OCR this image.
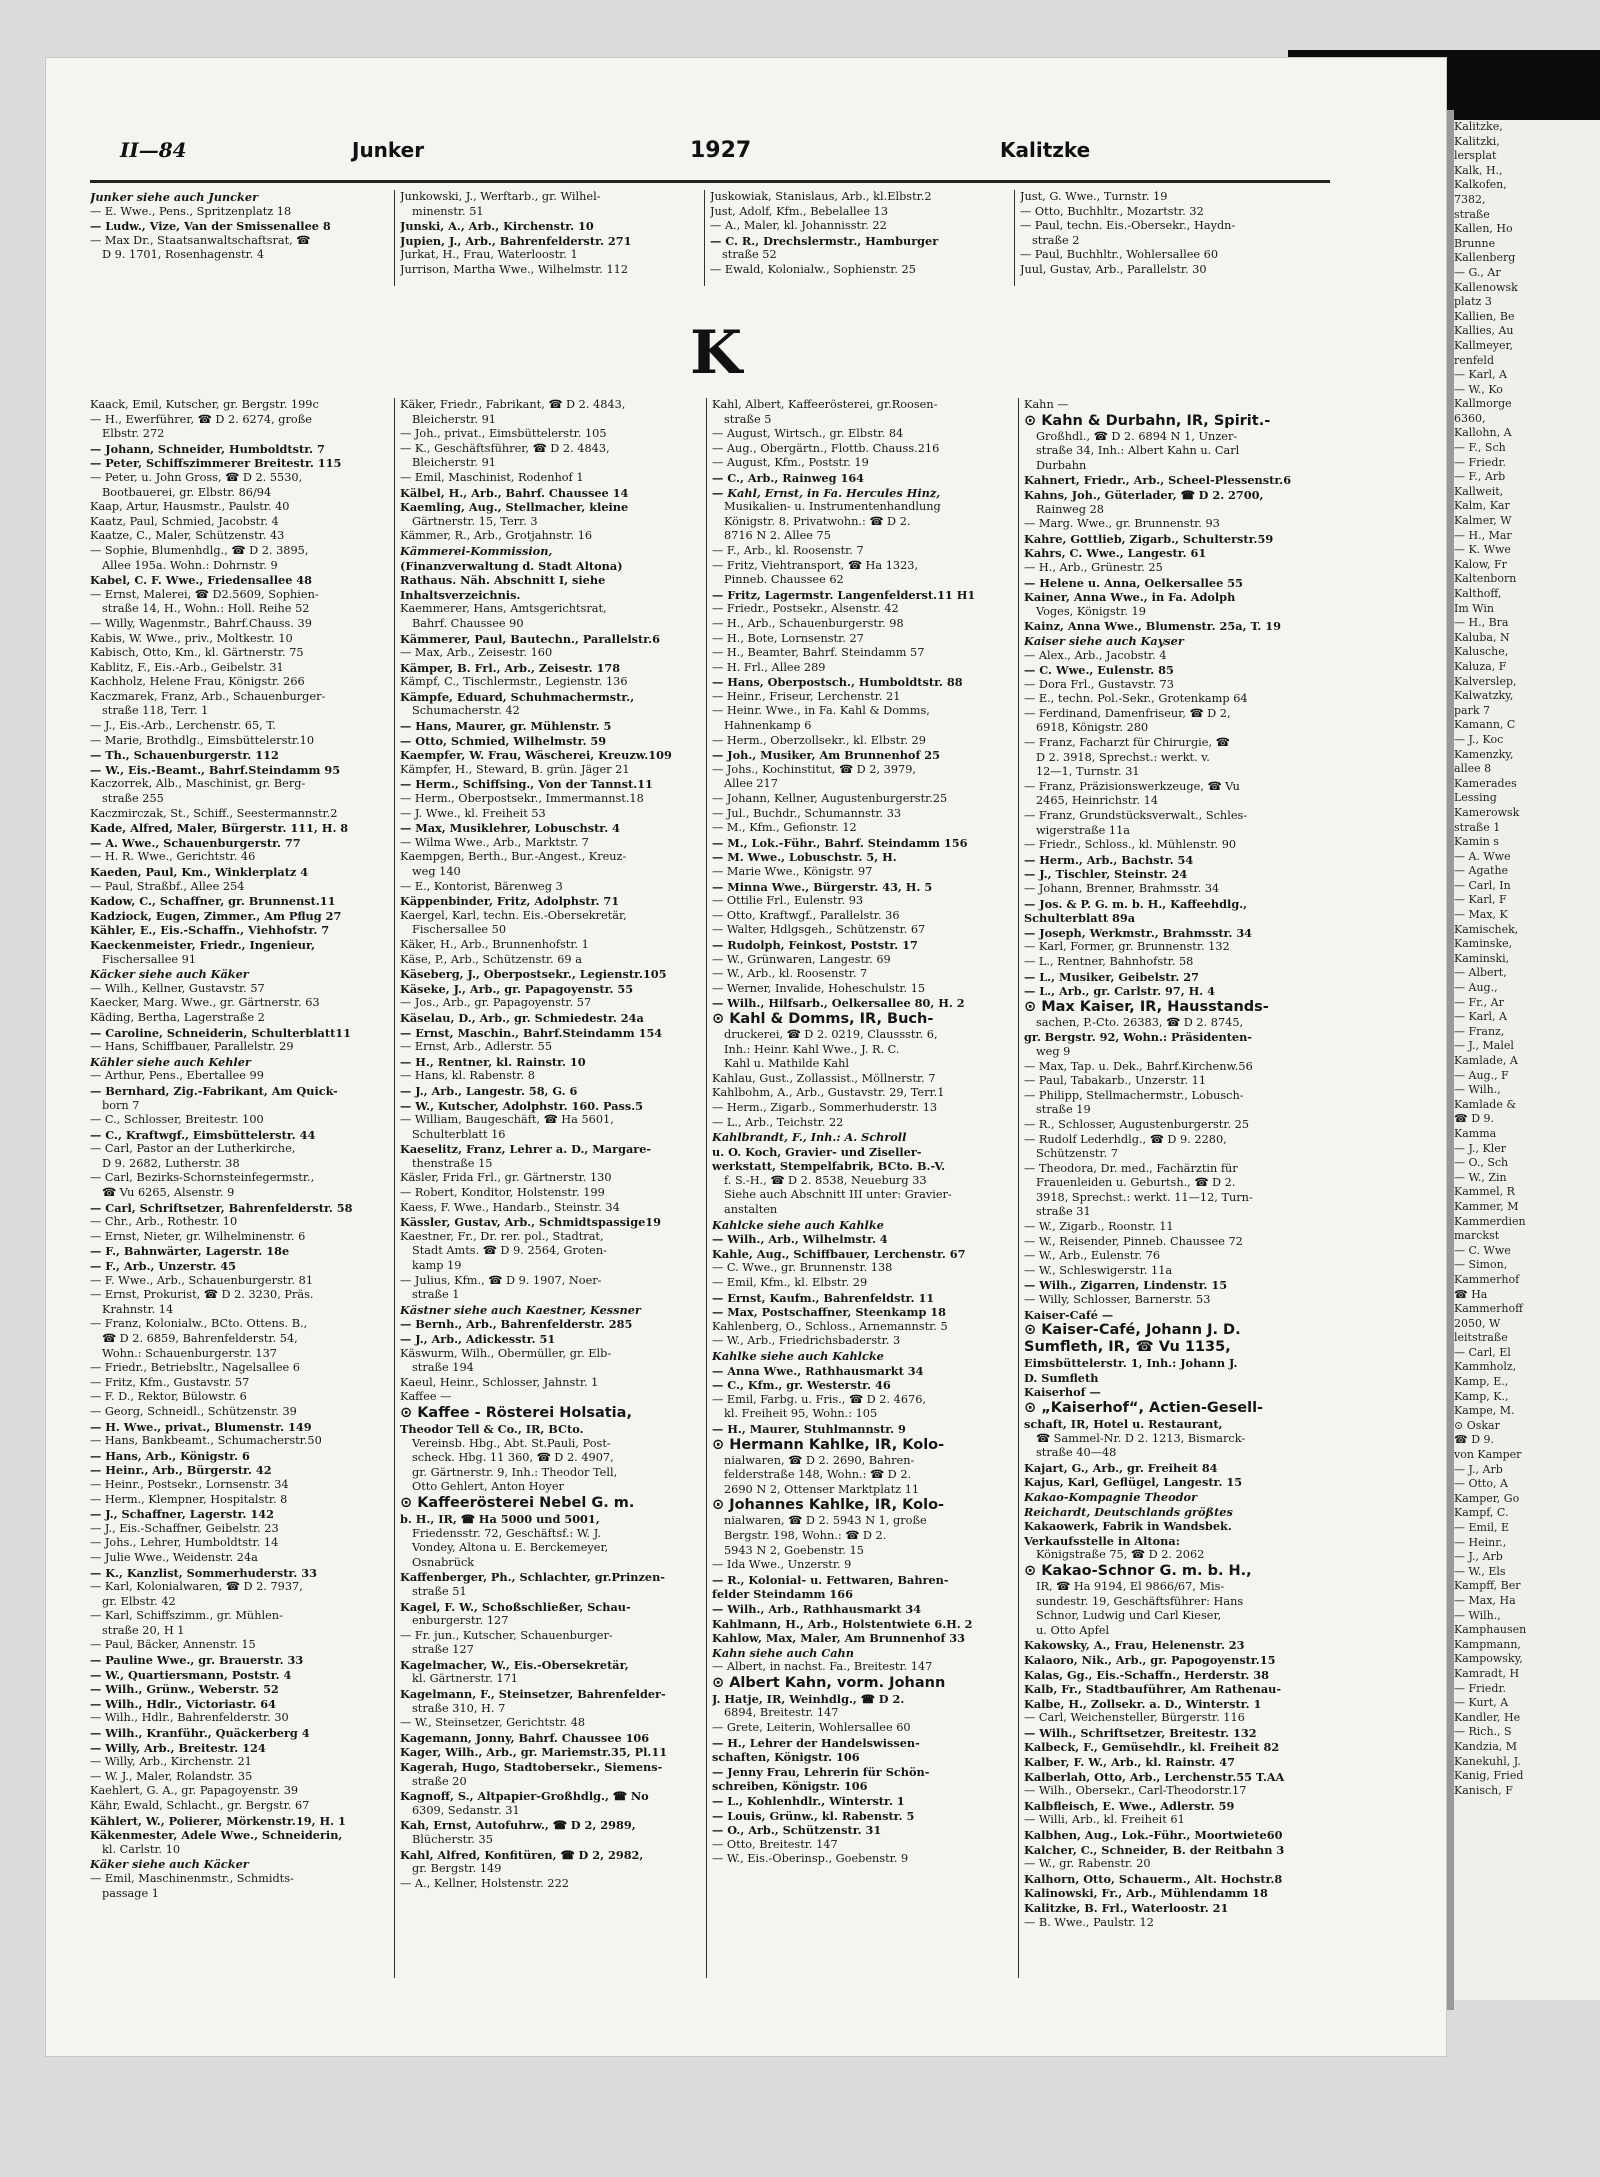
Kalitzke,
Kalitzki,
lersplat
Kalk, H.,
Kalkofen,
7382,
straße
Kallen, Ho
Brunne
Kallenberg
— G., Ar
Kallenowsk
platz 3
Kallien, Be
Kallies, Au
Kallmeyer,
renfeld
— Karl, A
— W., Ko
Kallmorge
6360,
Kallohn, A
— F., Sch
— Friedr.
— F., Arb
Kallweit,
Kalm, Kar
Kalmer, W
— H., Mar
— K. Wwe
Kalow, Fr
Kaltenborn
Kalthoff,
Im Win
— H., Bra
Kaluba, N
Kalusche,
Kaluza, F
Kalverslep,
Kalwatzky,
park 7
Kamann, C
— J., Koc
Kamenzky,
allee 8
Kamerades
Lessing
Kamerowsk
straße 1
Kamin s
— A. Wwe
— Agathe
— Carl, In
— Karl, F
— Max, K
Kamischek,
Kaminske,
Kaminski,
— Albert,
— Aug.,
— Fr., Ar
— Karl, A
— Franz,
— J., Malel
Kamlade, A
— Aug., F
— Wilh.,
Kamlade &
☎ D 9.
Kamma
— J., Kler
— O., Sch
— W., Zin
Kammel, R
Kammer, M
Kammerdien
marckst
— C. Wwe
— Simon,
Kammerhof
☎ Ha
Kammerhoff
2050, W
leitstraße
— Carl, El
Kammholz,
Kamp, E.,
Kamp, K.,
Kampe, M.
⊙ Oskar
☎ D 9.
von Kamper
— J., Arb
— Otto, A
Kamper, Go
Kampf, C.
— Emil, E
— Heinr.,
— J., Arb
— W., Els
Kampff, Ber
— Max, Ha
— Wilh.,
Kamphausen
Kampmann,
Kampowsky,
Kamradt, H
— Friedr.
— Kurt, A
Kandler, He
— Rich., S
Kandzia, M
Kanekuhl, J.
Kanig, Fried
Kanisch, F
II—84	Junker	1927	Kalitzke
Junker siehe auch Juncker
— E. Wwe., Pens., Spritzenplatz 18
— Ludw., Vize, Van der Smissenallee 8
— Max Dr., Staatsanwaltschaftsrat, ☎
D 9. 1701, Rosenhagenstr. 4
Junkowski, J., Werftarb., gr. Wilhel-
minenstr. 51
Junski, A., Arb., Kirchenstr. 10
Jupien, J., Arb., Bahrenfelderstr. 271
Jurkat, H., Frau, Waterloostr. 1
Jurrison, Martha Wwe., Wilhelmstr. 112
Juskowiak, Stanislaus, Arb., kl.Elbstr.2
Just, Adolf, Kfm., Bebelallee 13
— A., Maler, kl. Johannisstr. 22
— C. R., Drechslermstr., Hamburger
straße 52
— Ewald, Kolonialw., Sophienstr. 25
Just, G. Wwe., Turnstr. 19
— Otto, Buchhltr., Mozartstr. 32
— Paul, techn. Eis.-Obersekr., Haydn-
straße 2
— Paul, Buchhltr., Wohlersallee 60
Juul, Gustav, Arb., Parallelstr. 30
K
Kaack, Emil, Kutscher, gr. Bergstr. 199c
— H., Ewerführer, ☎ D 2. 6274, große
Elbstr. 272
— Johann, Schneider, Humboldtstr. 7
— Peter, Schiffszimmerer Breitestr. 115
— Peter, u. John Gross, ☎ D 2. 5530,
Bootbauerei, gr. Elbstr. 86/94
Kaap, Artur, Hausmstr., Paulstr. 40
Kaatz, Paul, Schmied, Jacobstr. 4
Kaatze, C., Maler, Schützenstr. 43
— Sophie, Blumenhdlg., ☎ D 2. 3895,
Allee 195a. Wohn.: Dohrnstr. 9
Kabel, C. F. Wwe., Friedensallee 48
— Ernst, Malerei, ☎ D2.5609, Sophien-
straße 14, H., Wohn.: Holl. Reihe 52
— Willy, Wagenmstr., Bahrf.Chauss. 39
Kabis, W. Wwe., priv., Moltkestr. 10
Kabisch, Otto, Km., kl. Gärtnerstr. 75
Kablitz, F., Eis.-Arb., Geibelstr. 31
Kachholz, Helene Frau, Königstr. 266
Kaczmarek, Franz, Arb., Schauenburger-
straße 118, Terr. 1
— J., Eis.-Arb., Lerchenstr. 65, T.
— Marie, Brothdlg., Eimsbüttelerstr.10
— Th., Schauenburgerstr. 112
— W., Eis.-Beamt., Bahrf.Steindamm 95
Kaczorrek, Alb., Maschinist, gr. Berg-
straße 255
Kaczmirczak, St., Schiff., Seestermannstr.2
Kade, Alfred, Maler, Bürgerstr. 111, H. 8
— A. Wwe., Schauenburgerstr. 77
— H. R. Wwe., Gerichtstr. 46
Kaeden, Paul, Km., Winklerplatz 4
— Paul, Straßbf., Allee 254
Kadow, C., Schaffner, gr. Brunnenst.11
Kadziock, Eugen, Zimmer., Am Pflug 27
Kähler, E., Eis.-Schaffn., Viehhofstr. 7
Kaeckenmeister, Friedr., Ingenieur,
Fischersallee 91
Käcker siehe auch Käker
— Wilh., Kellner, Gustavstr. 57
Kaecker, Marg. Wwe., gr. Gärtnerstr. 63
Käding, Bertha, Lagerstraße 2
— Caroline, Schneiderin, Schulterblatt11
— Hans, Schiffbauer, Parallelstr. 29
Kähler siehe auch Kehler
— Arthur, Pens., Ebertallee 99
— Bernhard, Zig.-Fabrikant, Am Quick-
born 7
— C., Schlosser, Breitestr. 100
— C., Kraftwgf., Eimsbüttelerstr. 44
— Carl, Pastor an der Lutherkirche,
D 9. 2682, Lutherstr. 38
— Carl, Bezirks-Schornsteinfegermstr.,
☎ Vu 6265, Alsenstr. 9
— Carl, Schriftsetzer, Bahrenfelderstr. 58
— Chr., Arb., Rothestr. 10
— Ernst, Nieter, gr. Wilhelminenstr. 6
— F., Bahnwärter, Lagerstr. 18e
— F., Arb., Unzerstr. 45
— F. Wwe., Arb., Schauenburgerstr. 81
— Ernst, Prokurist, ☎ D 2. 3230, Präs.
Krahnstr. 14
— Franz, Kolonialw., BCto. Ottens. B.,
☎ D 2. 6859, Bahrenfelderstr. 54,
Wohn.: Schauenburgerstr. 137
— Friedr., Betriebsltr., Nagelsallee 6
— Fritz, Kfm., Gustavstr. 57
— F. D., Rektor, Bülowstr. 6
— Georg, Schneidl., Schützenstr. 39
— H. Wwe., privat., Blumenstr. 149
— Hans, Bankbeamt., Schumacherstr.50
— Hans, Arb., Königstr. 6
— Heinr., Arb., Bürgerstr. 42
— Heinr., Postsekr., Lornsenstr. 34
— Herm., Klempner, Hospitalstr. 8
— J., Schaffner, Lagerstr. 142
— J., Eis.-Schaffner, Geibelstr. 23
— Johs., Lehrer, Humboldtstr. 14
— Julie Wwe., Weidenstr. 24a
— K., Kanzlist, Sommerhuderstr. 33
— Karl, Kolonialwaren, ☎ D 2. 7937,
gr. Elbstr. 42
— Karl, Schiffszimm., gr. Mühlen-
straße 20, H 1
— Paul, Bäcker, Annenstr. 15
— Pauline Wwe., gr. Brauerstr. 33
— W., Quartiersmann, Poststr. 4
— Wilh., Grünw., Weberstr. 52
— Wilh., Hdlr., Victoriastr. 64
— Wilh., Hdlr., Bahrenfelderstr. 30
— Wilh., Kranführ., Quäckerberg 4
— Willy, Arb., Breitestr. 124
— Willy, Arb., Kirchenstr. 21
— W. J., Maler, Rolandstr. 35
Kaehlert, G. A., gr. Papagoyenstr. 39
Kähr, Ewald, Schlacht., gr. Bergstr. 67
Kählert, W., Polierer, Mörkenstr.19, H. 1
Käkenmester, Adele Wwe., Schneiderin,
kl. Carlstr. 10
Käker siehe auch Käcker
— Emil, Maschinenmstr., Schmidts-
passage 1
Käker, Friedr., Fabrikant, ☎ D 2. 4843,
Bleicherstr. 91
— Joh., privat., Eimsbüttelerstr. 105
— K., Geschäftsführer, ☎ D 2. 4843,
Bleicherstr. 91
— Emil, Maschinist, Rodenhof 1
Kälbel, H., Arb., Bahrf. Chaussee 14
Kaemling, Aug., Stellmacher, kleine
Gärtnerstr. 15, Terr. 3
Kämmer, R., Arb., Grotjahnstr. 16
Kämmerei-Kommission,
(Finanzverwaltung d. Stadt Altona)
Rathaus. Näh. Abschnitt I, siehe
Inhaltsverzeichnis.
Kaemmerer, Hans, Amtsgerichtsrat,
Bahrf. Chaussee 90
Kämmerer, Paul, Bautechn., Parallelstr.6
— Max, Arb., Zeisestr. 160
Kämper, B. Frl., Arb., Zeisestr. 178
Kämpf, C., Tischlermstr., Legienstr. 136
Kämpfe, Eduard, Schuhmachermstr.,
Schumacherstr. 42
— Hans, Maurer, gr. Mühlenstr. 5
— Otto, Schmied, Wilhelmstr. 59
Kaempfer, W. Frau, Wäscherei, Kreuzw.109
Kämpfer, H., Steward, B. grün. Jäger 21
— Herm., Schiffsing., Von der Tannst.11
— Herm., Oberpostsekr., Immermannst.18
— J. Wwe., kl. Freiheit 53
— Max, Musiklehrer, Lobuschstr. 4
— Wilma Wwe., Arb., Marktstr. 7
Kaempgen, Berth., Bur.-Angest., Kreuz-
weg 140
— E., Kontorist, Bärenweg 3
Käppenbinder, Fritz, Adolphstr. 71
Kaergel, Karl, techn. Eis.-Obersekretär,
Fischersallee 50
Käker, H., Arb., Brunnenhofstr. 1
Käse, P., Arb., Schützenstr. 69 a
Käseberg, J., Oberpostsekr., Legienstr.105
Käseke, J., Arb., gr. Papagoyenstr. 55
— Jos., Arb., gr. Papagoyenstr. 57
Käselau, D., Arb., gr. Schmiedestr. 24a
— Ernst, Maschin., Bahrf.Steindamm 154
— Ernst, Arb., Adlerstr. 55
— H., Rentner, kl. Rainstr. 10
— Hans, kl. Rabenstr. 8
— J., Arb., Langestr. 58, G. 6
— W., Kutscher, Adolphstr. 160. Pass.5
— William, Baugeschäft, ☎ Ha 5601,
Schulterblatt 16
Kaeselitz, Franz, Lehrer a. D., Margare-
thenstraße 15
Käsler, Frida Frl., gr. Gärtnerstr. 130
— Robert, Konditor, Holstenstr. 199
Kaess, F. Wwe., Handarb., Steinstr. 34
Kässler, Gustav, Arb., Schmidtspassige19
Kaestner, Fr., Dr. rer. pol., Stadtrat,
Stadt Amts. ☎ D 9. 2564, Groten-
kamp 19
— Julius, Kfm., ☎ D 9. 1907, Noer-
straße 1
Kästner siehe auch Kaestner, Kessner
— Bernh., Arb., Bahrenfelderstr. 285
— J., Arb., Adickesstr. 51
Käswurm, Wilh., Obermüller, gr. Elb-
straße 194
Kaeul, Heinr., Schlosser, Jahnstr. 1
Kaffee —
⊙ Kaffee - Rösterei Holsatia,
Theodor Tell & Co., IR, BCto.
Vereinsb. Hbg., Abt. St.Pauli, Post-
scheck. Hbg. 11 360, ☎ D 2. 4907,
gr. Gärtnerstr. 9, Inh.: Theodor Tell,
Otto Gehlert, Anton Hoyer
⊙ Kaffeerösterei Nebel G. m.
b. H., IR, ☎ Ha 5000 und 5001,
Friedensstr. 72, Geschäftsf.: W. J.
Vondey, Altona u. E. Berckemeyer,
Osnabrück
Kaffenberger, Ph., Schlachter, gr.Prinzen-
straße 51
Kagel, F. W., Schoßschließer, Schau-
enburgerstr. 127
— Fr. jun., Kutscher, Schauenburger-
straße 127
Kagelmacher, W., Eis.-Obersekretär,
kl. Gärtnerstr. 171
Kagelmann, F., Steinsetzer, Bahrenfelder-
straße 310, H. 7
— W., Steinsetzer, Gerichtstr. 48
Kagemann, Jonny, Bahrf. Chaussee 106
Kager, Wilh., Arb., gr. Mariemstr.35, Pl.11
Kagerah, Hugo, Stadtobersekr., Siemens-
straße 20
Kagnoff, S., Altpapier-Großhdlg., ☎ No
6309, Sedanstr. 31
Kah, Ernst, Autofuhrw., ☎ D 2, 2989,
Blücherstr. 35
Kahl, Alfred, Konfitüren, ☎ D 2, 2982,
gr. Bergstr. 149
— A., Kellner, Holstenstr. 222
Kahl, Albert, Kaffeerösterei, gr.Roosen-
straße 5
— August, Wirtsch., gr. Elbstr. 84
— Aug., Obergärtn., Flottb. Chauss.216
— August, Kfm., Poststr. 19
— C., Arb., Rainweg 164
— Kahl, Ernst, in Fa. Hercules Hinz,
Musikalien- u. Instrumentenhandlung
Königstr. 8. Privatwohn.: ☎ D 2.
8716 N 2. Allee 75
— F., Arb., kl. Roosenstr. 7
— Fritz, Viehtransport, ☎ Ha 1323,
Pinneb. Chaussee 62
— Fritz, Lagermstr. Langenfelderst.11 H1
— Friedr., Postsekr., Alsenstr. 42
— H., Arb., Schauenburgerstr. 98
— H., Bote, Lornsenstr. 27
— H., Beamter, Bahrf. Steindamm 57
— H. Frl., Allee 289
— Hans, Oberpostsch., Humboldtstr. 88
— Heinr., Friseur, Lerchenstr. 21
— Heinr. Wwe., in Fa. Kahl & Domms,
Hahnenkamp 6
— Herm., Oberzollsekr., kl. Elbstr. 29
— Joh., Musiker, Am Brunnenhof 25
— Johs., Kochinstitut, ☎ D 2, 3979,
Allee 217
— Johann, Kellner, Augustenburgerstr.25
— Jul., Buchdr., Schumannstr. 33
— M., Kfm., Gefionstr. 12
— M., Lok.-Führ., Bahrf. Steindamm 156
— M. Wwe., Lobuschstr. 5, H.
— Marie Wwe., Königstr. 97
— Minna Wwe., Bürgerstr. 43, H. 5
— Ottilie Frl., Eulenstr. 93
— Otto, Kraftwgf., Parallelstr. 36
— Walter, Hdlgsgeh., Schützenstr. 67
— Rudolph, Feinkost, Poststr. 17
— W., Grünwaren, Langestr. 69
— W., Arb., kl. Roosenstr. 7
— Werner, Invalide, Hoheschulstr. 15
— Wilh., Hilfsarb., Oelkersallee 80, H. 2
⊙ Kahl & Domms, IR, Buch-
druckerei, ☎ D 2. 0219, Claussstr. 6,
Inh.: Heinr. Kahl Wwe., J. R. C.
Kahl u. Mathilde Kahl
Kahlau, Gust., Zollassist., Möllnerstr. 7
Kahlbohm, A., Arb., Gustavstr. 29, Terr.1
— Herm., Zigarb., Sommerhuderstr. 13
— L., Arb., Teichstr. 22
Kahlbrandt, F., Inh.: A. Schroll
u. O. Koch, Gravier- und Ziseller-
werkstatt, Stempelfabrik, BCto. B.-V.
f. S.-H., ☎ D 2. 8538, Neueburg 33
Siehe auch Abschnitt III unter: Gravier-
anstalten
Kahlcke siehe auch Kahlke
— Wilh., Arb., Wilhelmstr. 4
Kahle, Aug., Schiffbauer, Lerchenstr. 67
— C. Wwe., gr. Brunnenstr. 138
— Emil, Kfm., kl. Elbstr. 29
— Ernst, Kaufm., Bahrenfeldstr. 11
— Max, Postschaffner, Steenkamp 18
Kahlenberg, O., Schloss., Arnemannstr. 5
— W., Arb., Friedrichsbaderstr. 3
Kahlke siehe auch Kahlcke
— Anna Wwe., Rathhausmarkt 34
— C., Kfm., gr. Westerstr. 46
— Emil, Farbg. u. Fris., ☎ D 2. 4676,
kl. Freiheit 95, Wohn.: 105
— H., Maurer, Stuhlmannstr. 9
⊙ Hermann Kahlke, IR, Kolo-
nialwaren, ☎ D 2. 2690, Bahren-
felderstraße 148, Wohn.: ☎ D 2.
2690 N 2, Ottenser Marktplatz 11
⊙ Johannes Kahlke, IR, Kolo-
nialwaren, ☎ D 2. 5943 N 1, große
Bergstr. 198, Wohn.: ☎ D 2.
5943 N 2, Goebenstr. 15
— Ida Wwe., Unzerstr. 9
— R., Kolonial- u. Fettwaren, Bahren-
felder Steindamm 166
— Wilh., Arb., Rathhausmarkt 34
Kahlmann, H., Arb., Holstentwiete 6.H. 2
Kahlow, Max, Maler, Am Brunnenhof 33
Kahn siehe auch Cahn
— Albert, in nachst. Fa., Breitestr. 147
⊙ Albert Kahn, vorm. Johann
J. Hatje, IR, Weinhdlg., ☎ D 2.
6894, Breitestr. 147
— Grete, Leiterin, Wohlersallee 60
— H., Lehrer der Handelswissen-
schaften, Königstr. 106
— Jenny Frau, Lehrerin für Schön-
schreiben, Königstr. 106
— L., Kohlenhdlr., Winterstr. 1
— Louis, Grünw., kl. Rabenstr. 5
— O., Arb., Schützenstr. 31
— Otto, Breitestr. 147
— W., Eis.-Oberinsp., Goebenstr. 9
Kahn —
⊙ Kahn & Durbahn, IR, Spirit.-
Großhdl., ☎ D 2. 6894 N 1, Unzer-
straße 34, Inh.: Albert Kahn u. Carl
Durbahn
Kahnert, Friedr., Arb., Scheel-Plessenstr.6
Kahns, Joh., Güterlader, ☎ D 2. 2700,
Rainweg 28
— Marg. Wwe., gr. Brunnenstr. 93
Kahre, Gottlieb, Zigarb., Schulterstr.59
Kahrs, C. Wwe., Langestr. 61
— H., Arb., Grünestr. 25
— Helene u. Anna, Oelkersallee 55
Kainer, Anna Wwe., in Fa. Adolph
Voges, Königstr. 19
Kainz, Anna Wwe., Blumenstr. 25a, T. 19
Kaiser siehe auch Kayser
— Alex., Arb., Jacobstr. 4
— C. Wwe., Eulenstr. 85
— Dora Frl., Gustavstr. 73
— E., techn. Pol.-Sekr., Grotenkamp 64
— Ferdinand, Damenfriseur, ☎ D 2,
6918, Königstr. 280
— Franz, Facharzt für Chirurgie, ☎
D 2. 3918, Sprechst.: werkt. v.
12—1, Turnstr. 31
— Franz, Präzisionswerkzeuge, ☎ Vu
2465, Heinrichstr. 14
— Franz, Grundstücksverwalt., Schles-
wigerstraße 11a
— Friedr., Schloss., kl. Mühlenstr. 90
— Herm., Arb., Bachstr. 54
— J., Tischler, Steinstr. 24
— Johann, Brenner, Brahmsstr. 34
— Jos. & P. G. m. b. H., Kaffeehdlg.,
Schulterblatt 89a
— Joseph, Werkmstr., Brahmsstr. 34
— Karl, Former, gr. Brunnenstr. 132
— L., Rentner, Bahnhofstr. 58
— L., Musiker, Geibelstr. 27
— L., Arb., gr. Carlstr. 97, H. 4
⊙ Max Kaiser, IR, Hausstands-
sachen, P.-Cto. 26383, ☎ D 2. 8745,
gr. Bergstr. 92, Wohn.: Präsidenten-
weg 9
— Max, Tap. u. Dek., Bahrf.Kirchenw.56
— Paul, Tabakarb., Unzerstr. 11
— Philipp, Stellmachermstr., Lobusch-
straße 19
— R., Schlosser, Augustenburgerstr. 25
— Rudolf Lederhdlg., ☎ D 9. 2280,
Schützenstr. 7
— Theodora, Dr. med., Fachärztin für
Frauenleiden u. Geburtsh., ☎ D 2.
3918, Sprechst.: werkt. 11—12, Turn-
straße 31
— W., Zigarb., Roonstr. 11
— W., Reisender, Pinneb. Chaussee 72
— W., Arb., Eulenstr. 76
— W., Schleswigerstr. 11a
— Wilh., Zigarren, Lindenstr. 15
— Willy, Schlosser, Barnerstr. 53
Kaiser-Café —
⊙ Kaiser-Café, Johann J. D.
Sumfleth, IR, ☎ Vu 1135,
Eimsbüttelerstr. 1, Inh.: Johann J.
D. Sumfleth
Kaiserhof —
⊙ „Kaiserhof“, Actien-Gesell-
schaft, IR, Hotel u. Restaurant,
☎ Sammel-Nr. D 2. 1213, Bismarck-
straße 40—48
Kajart, G., Arb., gr. Freiheit 84
Kajus, Karl, Geflügel, Langestr. 15
Kakao-Kompagnie Theodor
Reichardt, Deutschlands größtes
Kakaowerk, Fabrik in Wandsbek.
Verkaufsstelle in Altona:
Königstraße 75, ☎ D 2. 2062
⊙ Kakao-Schnor G. m. b. H.,
IR, ☎ Ha 9194, El 9866/67, Mis-
sundestr. 19, Geschäftsführer: Hans
Schnor, Ludwig und Carl Kieser,
u. Otto Apfel
Kakowsky, A., Frau, Helenenstr. 23
Kalaoro, Nik., Arb., gr. Papogoyenstr.15
Kalas, Gg., Eis.-Schaffn., Herderstr. 38
Kalb, Fr., Stadtbauführer, Am Rathenau-
Kalbe, H., Zollsekr. a. D., Winterstr. 1
— Carl, Weichensteller, Bürgerstr. 116
— Wilh., Schriftsetzer, Breitestr. 132
Kalbeck, F., Gemüsehdlr., kl. Freiheit 82
Kalber, F. W., Arb., kl. Rainstr. 47
Kalberlah, Otto, Arb., Lerchenstr.55 T.AA
— Wilh., Obersekr., Carl-Theodorstr.17
Kalbfleisch, E. Wwe., Adlerstr. 59
— Willi, Arb., kl. Freiheit 61
Kalbhen, Aug., Lok.-Führ., Moortwiete60
Kalcher, C., Schneider, B. der Reitbahn 3
— W., gr. Rabenstr. 20
Kalhorn, Otto, Schauerm., Alt. Hochstr.8
Kalinowski, Fr., Arb., Mühlendamm 18
Kalitzke, B. Frl., Waterloostr. 21
— B. Wwe., Paulstr. 12
